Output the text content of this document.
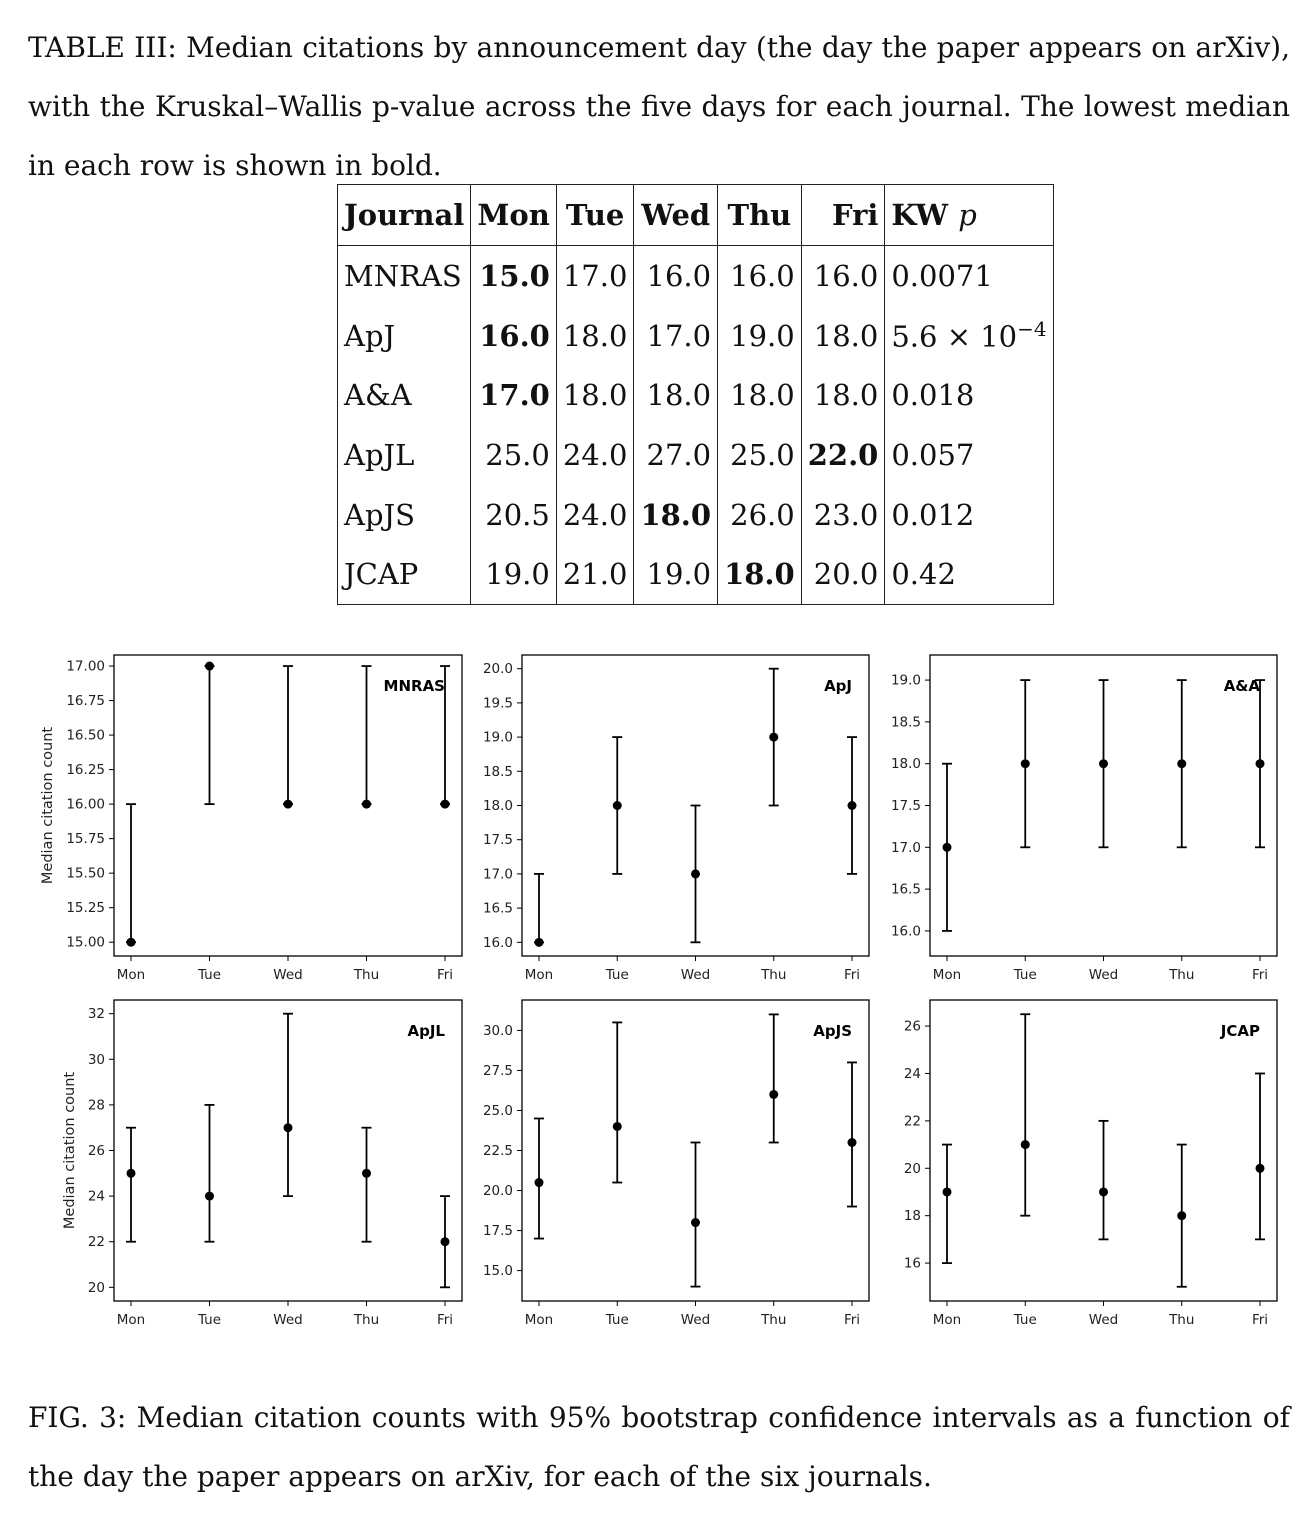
TABLE III: Median citations by announcement day (the day the paper appears on arXiv), with the Kruskal–Wallis p-value across the five days for each journal. The lowest median in each row is shown in bold.
Journal	Mon	Tue	Wed	Thu	Fri	KW p
MNRAS	15.0	17.0	16.0	16.0	16.0	0.0071
ApJ	16.0	18.0	17.0	19.0	18.0	$5.6 \times 10^{-4}$
A&A	17.0	18.0	18.0	18.0	18.0	0.018
ApJL	25.0	24.0	27.0	25.0	22.0	0.057
ApJS	20.5	24.0	18.0	26.0	23.0	0.012
JCAP	19.0	21.0	19.0	18.0	20.0	0.42
15.00
15.25
15.50
15.75
16.00
16.25
16.50
16.75
17.00
Mon	Tue	Wed	Thu	Fri
Median citation count
MNRAS
16.0
16.5
17.0
17.5
18.0
18.5
19.0
19.5
20.0
Mon	Tue	Wed	Thu	Fri
ApJ
16.0
16.5
17.0
17.5
18.0
18.5
19.0
Mon	Tue	Wed	Thu	Fri
A&A
20
22
24
26
28
30
32
Mon	Tue	Wed	Thu	Fri
Median citation count
ApJL
15.0
17.5
20.0
22.5
25.0
27.5
30.0
Mon	Tue	Wed	Thu	Fri
ApJS
16
18
20
22
24
26
Mon	Tue	Wed	Thu	Fri
JCAP
FIG. 3: Median citation counts with 95% bootstrap confidence intervals as a function of the day the paper appears on arXiv, for each of the six journals.
